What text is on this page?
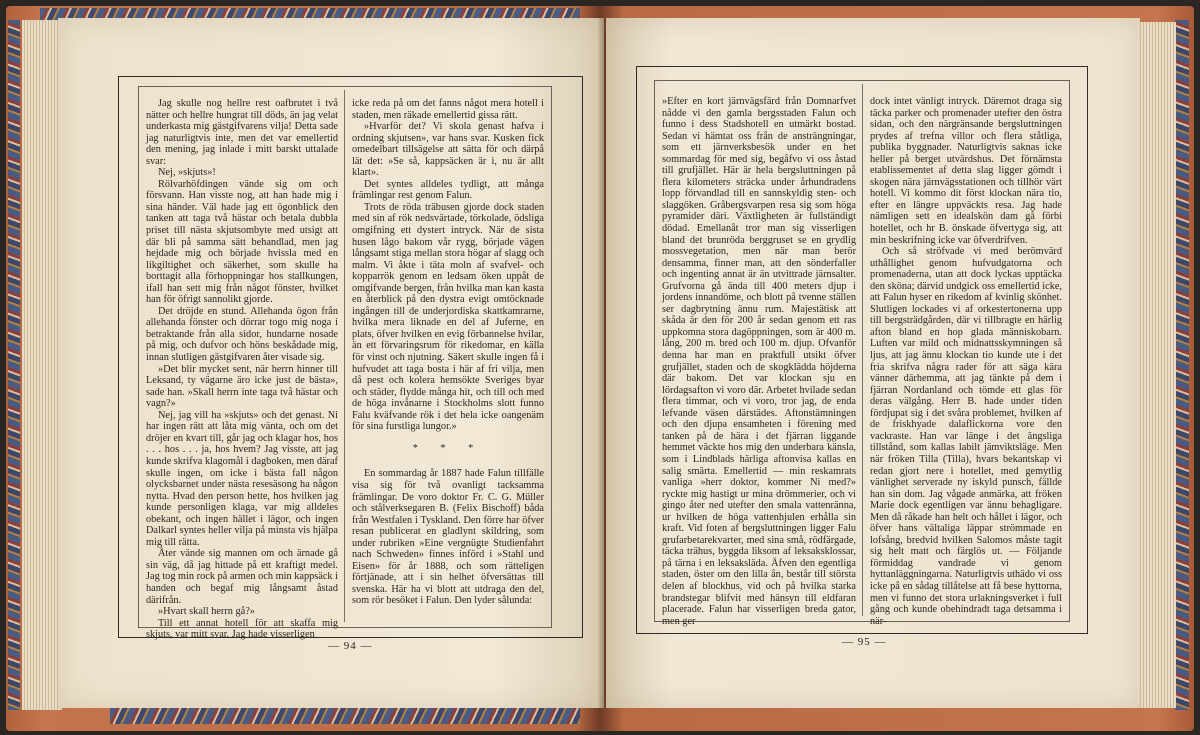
Jag skulle nog hellre rest oafbrutet i två nätter och hellre hungrat till döds, än jag velat underkasta mig gästgifvarens vilja! Detta sade jag naturligtvis inte, men det var emellertid den mening, jag inlade i mitt barskt uttalade svar:

Nej, »skjuts»!

Rölvarhöfdingen vände sig om och försvann. Han visste nog, att han hade mig i sina händer. Väl hade jag ett ögonblick den tanken att taga två hästar och betala dubbla priset till nästa skjutsombyte med utsigt att där bli på samma sätt behandlad, men jag hejdade mig och började hvissla med en likgiltighet och säkerhet, som skulle ha borttagit alla förhoppningar hos stallkungen, ifall han sett mig från något fönster, hvilket han för öfrigt sannolikt gjorde.

Det dröjde en stund. Allehanda ögon från allehanda fönster och dörrar togo mig noga i betraktande från alla sidor, hundarne nosade på mig, och dufvor och höns beskådade mig, innan slutligen gästgifvaren åter visade sig.

»Det blir mycket sent, när herrn hinner till Leksand, ty vägarne äro icke just de bästa», sade han. »Skall herrn inte taga två hästar och vagn?»

Nej, jag vill ha »skjuts» och det genast. Ni har ingen rätt att låta mig vänta, och om det dröjer en kvart till, går jag och klagar hos, hos . . . hos . . . ja, hos hvem? Jag visste, att jag kunde skrifva klagomål i dagboken, men däraf skulle ingen, om icke i bästa fall någon olycksbarnet under nästa resesäsong ha någon nytta. Hvad den person hette, hos hvilken jag kunde personligen klaga, var mig alldeles obekant, och ingen hället i lägor, och ingen Dalkarl syntes heller vilja på minsta vis hjälpa mig till rätta.

Åter vände sig mannen om och ärnade gå sin väg, då jag hittade på ett kraftigt medel. Jag tog min rock på armen och min kappsäck i handen och begaf mig långsamt åstad därifrån.

»Hvart skall herrn gå?»

Till ett annat hotell för att skaffa mig skjuts, var mitt svar. Jag hade visserligen

icke reda på om det fanns något mera hotell i staden, men räkade emellertid gissa rätt.

»Hvarför det? Vi skola genast hafva i ordning skjutsen», var hans svar. Kusken fick omedelbart tillsägelse att sätta för och därpå lät det: »Se så, kappsäcken är i, nu är allt klart».

Det syntes alldeles tydligt, att många främlingar rest genom Falun.

Trots de röda träbusen gjorde dock staden med sin af rök nedsvärtade, törkolade, ödsliga omgifning ett dystert intryck. När de sista husen lågo bakom vår rygg, började vägen långsamt stiga mellan stora högar af slagg och malm. Vi åkte i täta moln af svafvel- och kopparrök genom en ledsam öken uppåt de omgifvande bergen, från hvilka man kan kasta en återblick på den dystra evigt omtöcknade ingången till de underjordiska skattkamrarne, hvilka mera liknade en del af Juferne, en plats, öfver hvilken en evig förbannelse hvilar, än ett förvaringsrum för rikedomar, en källa för vinst och njutning. Säkert skulle ingen få i hufvudet att taga bosta i här af fri vilja, men då pest och kolera hemsökte Sveriges byar och städer, flydde många hit, och till och med de höga invånarne i Stockholms slott funno Falu kväfvande rök i det hela icke oangenäm för sina furstliga lungor.»

* * *

En sommardag år 1887 hade Falun tillfälle visa sig för två ovanligt tacksamma främlingar. De voro doktor Fr. C. G. Müller och stålverksegaren B. (Felix Bischoff) båda från Westfalen i Tyskland. Den förre har öfver resan publicerat en gladlynt skildring, som under rubriken »Eine vergnügte Studienfahrt nach Schweden» finnes införd i »Stahl und Eisen» för år 1888, och som rätteligen förtjänade, att i sin helhet öfversättas till svenska. Här ha vi blott att utdraga den del, som rör besöket i Falun. Den lyder sålunda:

— 94 —

»Efter en kort järnvägsfärd från Domnarfvet nådde vi den gamla bergsstaden Falun och funno i dess Stadshotell en utmärkt bostad. Sedan vi hämtat oss från de ansträngningar, som ett järnverksbesök under en het sommardag för med sig, begåfvo vi oss åstad till grufjället. Här är hela bergsluttningen på flera kilometers sträcka under århundradens lopp förvandlad till en sannskyldig sten- och slaggöken. Gråbergsvarpen resa sig som höga pyramider däri. Växtligheten är fullständigt dödad. Emellanåt tror man sig visserligen bland det brunröda berggruset se en grydlig mossvegetation, men när man berör densamma, finner man, att den sönderfaller och ingenting annat är än utvittrade järnsalter. Grufvorna gå ända till 400 meters djup i jordens innandöme, och blott på tvenne ställen ser dagbrytning ännu rum. Majestätisk att skåda är den för 200 år sedan genom ett ras uppkomna stora dagöppningen, som är 400 m. lång, 200 m. bred och 100 m. djup. Ofvanför denna har man en praktfull utsikt öfver grufjället, staden och de skogklädda höjderna där bakom. Det var klockan sju en lördagsafton vi voro där. Arbetet hvilade sedan flera timmar, och vi voro, tror jag, de enda lefvande väsen därstädes. Aftonstämningen och den djupa ensamheten i förening med tanken på de hära i det fjärran liggande hemmet väckte hos mig den underbara känsla, som i Lindblads härliga aftonvisa kallas en salig smärta. Emellertid — min reskamrats vanliga »herr doktor, kommer Ni med?» ryckte mig hastigt ur mina drömmerier, och vi gingo åter ned utefter den smala vattenränna, ur hvilken de höga vattenhjulen erhålla sin kraft. Vid foten af bergsluttningen ligger Falu grufarbetarekvarter, med sina små, rödfärgade, täcka trähus, byggda liksom af leksaksklossar, på tärna i en leksaksläda. Äfven den egentliga staden, öster om den lilla ån, består till största delen af blockhus, vid och på hvilka starka brandstegar blifvit med hänsyn till eldfaran placerade. Falun har visserligen breda gator, men ger

dock intet vänligt intryck. Däremot draga sig täcka parker och promenader utefter den östra sidan, och den närgränsande bergsluttningen prydes af trefna villor och flera ståtliga, publika byggnader. Naturligtvis saknas icke heller på berget utvärdshus. Det förnämsta etablissementet af detta slag ligger gömdt i skogen nära järnvägsstationen och tillhör värt hotell. Vi kommo dit först klockan nära tio, efter en längre uppväckts resa. Jag hade nämligen sett en idealskön dam gå förbi hotellet, och hr B. önskade öfvertyga sig, att min beskrifning icke var öfverdrifven.

Och så ströfvade vi med berömvärd uthållighet genom hufvudgatorna och promenaderna, utan att dock lyckas upptäcka den sköna; därvid undgick oss emellertid icke, att Falun hyser en rikedom af kvinlig skönhet. Slutligen lockades vi af orkestertonerna upp till bergsträdgården, där vi tillbragte en härlig afton bland en hop glada människobarn. Luften var mild och midnattsskymningen så ljus, att jag ännu klockan tio kunde ute i det fria skrifva några rader för att säga kära vänner därhemma, att jag tänkte på dem i fjärran Nordanland och tömde ett glas för deras välgång. Herr B. hade under tiden fördjupat sig i det svåra problemet, hvilken af de friskhyade dalaflickorna vore den vackraste. Han var länge i det ängsliga tillstånd, som kallas labilt jämviktsläge. Men när fröken Tilla (Tilla), hvars bekantskap vi redan gjort nere i hotellet, med gemytlig vänlighet serverade ny iskyld punsch, fällde han sin dom. Jag vågade anmärka, att fröken Marie dock egentligen var ännu behagligare. Men då råkade han helt och hållet i lägor, och öfver hans vältaliga läppar strömmade en lofsång, bredvid hvilken Salomos måste tagit sig helt matt och färglös ut. — Följande förmiddag vandrade vi genom hyttanläggningarna. Naturligtvis uthädo vi oss icke på en sådag tillåtelse att få bese hyttorna, men vi funno det stora urlakningsverket i full gång och kunde obehindradt taga detsamma i när-

— 95 —
